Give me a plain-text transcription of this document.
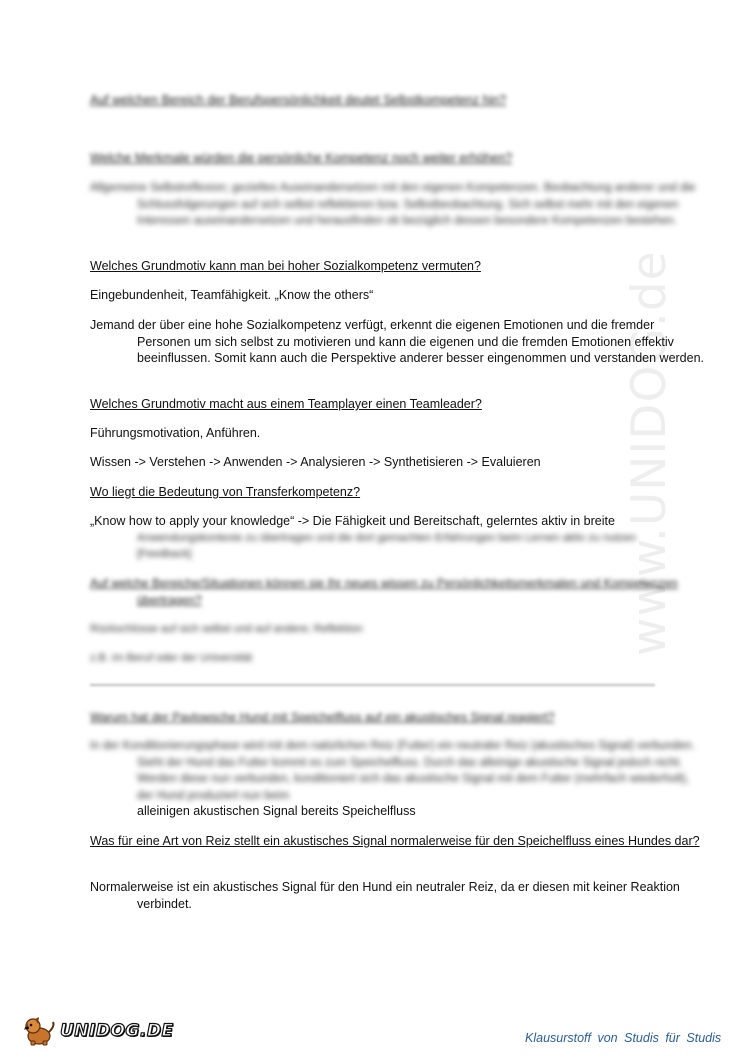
www.UNIDOG.de
Auf welchen Bereich der Berufspersönlichkeit deutet Selbstkompetenz hin?
Welche Merkmale würden die persönliche Kompetenz noch weiter erhöhen?
Allgemeine Selbstreflexion; gezieltes Auseinandersetzen mit den eigenen Kompetenzen. Beobachtung anderer und die Schlussfolgerungen auf sich selbst reflektieren bzw. Selbstbeobachtung. Sich selbst mehr mit den eigenen Interessen auseinandersetzen und herausfinden ob bezüglich dessen besondere Kompetenzen bestehen.
Welches Grundmotiv kann man bei hoher Sozialkompetenz vermuten?
Eingebundenheit, Teamfähigkeit. „Know the others“
Jemand der über eine hohe Sozialkompetenz verfügt, erkennt die eigenen Emotionen und die fremder Personen um sich selbst zu motivieren und kann die eigenen und die fremden Emotionen effektiv beeinflussen. Somit kann auch die Perspektive anderer besser eingenommen und verstanden werden.
Welches Grundmotiv macht aus einem Teamplayer einen Teamleader?
Führungsmotivation, Anführen.
Wissen -> Verstehen -> Anwenden -> Analysieren -> Synthetisieren -> Evaluieren
Wo liegt die Bedeutung von Transferkompetenz?
„Know how to apply your knowledge“ -> Die Fähigkeit und Bereitschaft, gelerntes aktiv in breite
Anwendungskontexte zu übertragen und die dort gemachten Erfahrungen beim Lernen aktiv zu nutzen [Feedback]
Auf welche Bereiche/Situationen können sie Ihr neues wissen zu Persönlichkeitsmerkmalen und Kompetenzen übertragen?
Rückschlüsse auf sich selbst und auf andere; Reflektion
z.B. im Beruf oder der Universität
Warum hat der Pavlowsche Hund mit Speichelfluss auf ein akustisches Signal reagiert?
In der Konditionierungsphase wird mit dem natürlichen Reiz (Futter) ein neutraler Reiz (akustisches Signal) verbunden. Sieht der Hund das Futter kommt es zum Speichelfluss. Durch das alleinige akustische Signal jedoch nicht. Werden diese nun verbunden, konditioniert sich das akustische Signal mit dem Futter (mehrfach wiederholt), der Hund produziert nun beim
alleinigen akustischen Signal bereits Speichelfluss
Was für eine Art von Reiz stellt ein akustisches Signal normalerweise für den Speichelfluss eines Hundes dar?
Normalerweise ist ein akustisches Signal für den Hund ein neutraler Reiz, da er diesen mit keiner Reaktion verbindet.
UNIDOG.DE	Klausurstoff von Studis für Studis
